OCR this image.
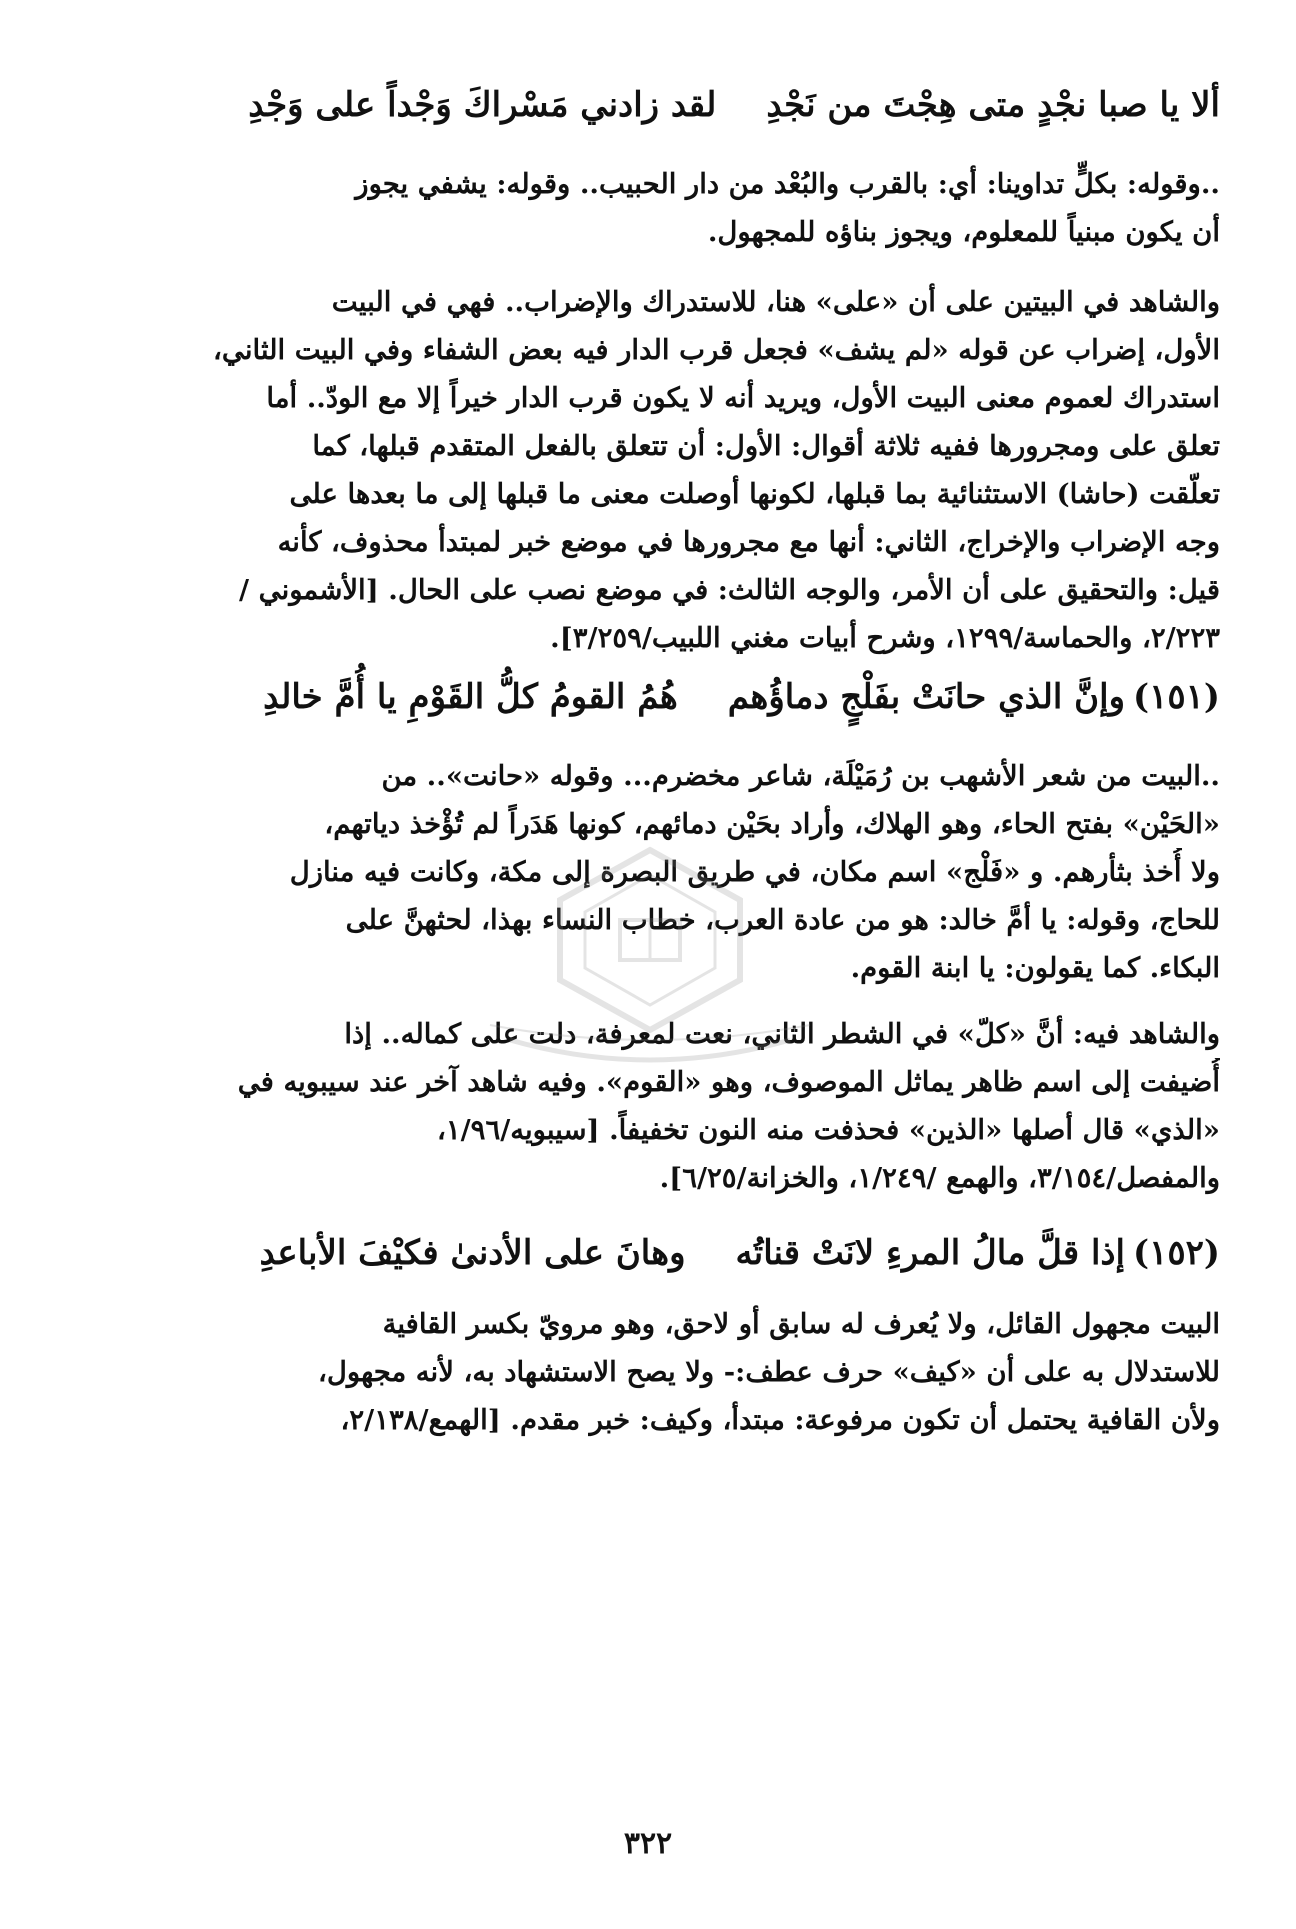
ألا يا صبا نجْدٍ متى هِجْتَ من نَجْدِلقد زادني مَسْراكَ وَجْداً على وَجْدِ
..وقوله: بكلٍّ تداوينا: أي: بالقرب والبُعْد من دار الحبيب.. وقوله: يشفي يجوز
أن يكون مبنياً للمعلوم، ويجوز بناؤه للمجهول.
والشاهد في البيتين على أن «على» هنا، للاستدراك والإضراب.. فهي في البيت
الأول، إضراب عن قوله «لم يشف» فجعل قرب الدار فيه بعض الشفاء وفي البيت الثاني،
استدراك لعموم معنى البيت الأول، ويريد أنه لا يكون قرب الدار خيراً إلا مع الودّ.. أما
تعلق على ومجرورها ففيه ثلاثة أقوال: الأول: أن تتعلق بالفعل المتقدم قبلها، كما
تعلّقت (حاشا) الاستثنائية بما قبلها، لكونها أوصلت معنى ما قبلها إلى ما بعدها على
وجه الإضراب والإخراج، الثاني: أنها مع مجرورها في موضع خبر لمبتدأ محذوف، كأنه
قيل: والتحقيق على أن الأمر، والوجه الثالث: في موضع نصب على الحال. [الأشموني /
٢/٢٢٣، والحماسة/١٢٩٩، وشرح أبيات مغني اللبيب/٣/٢٥٩].
(١٥١)وإنَّ الذي حانَتْ بفَلْجٍ دماؤُهمهُمُ القومُ كلُّ القَوْمِ يا أُمَّ خالدِ
..البيت من شعر الأشهب بن رُمَيْلَة، شاعر مخضرم... وقوله «حانت».. من
«الحَيْن» بفتح الحاء، وهو الهلاك، وأراد بحَيْن دمائهم، كونها هَدَراً لم تُؤْخذ دياتهم،
ولا أُخذ بثأرهم. و «فَلْج» اسم مكان، في طريق البصرة إلى مكة، وكانت فيه منازل
للحاج، وقوله: يا أمَّ خالد: هو من عادة العرب، خطاب النساء بهذا، لحثهنَّ على
البكاء. كما يقولون: يا ابنة القوم.
والشاهد فيه: أنَّ «كلّ» في الشطر الثاني، نعت لمعرفة، دلت على كماله.. إذا
أُضيفت إلى اسم ظاهر يماثل الموصوف، وهو «القوم». وفيه شاهد آخر عند سيبويه في
«الذي» قال أصلها «الذين» فحذفت منه النون تخفيفاً. [سيبويه/١/٩٦،
والمفصل/٣/١٥٤، والهمع /١/٢٤٩، والخزانة/٦/٢٥].
(١٥٢)إذا قلَّ مالُ المرءِ لانَتْ قناتُهوهانَ على الأدنىٰ فكيْفَ الأباعدِ
البيت مجهول القائل، ولا يُعرف له سابق أو لاحق، وهو مرويّ بكسر القافية
للاستدلال به على أن «كيف» حرف عطف:- ولا يصح الاستشهاد به، لأنه مجهول،
ولأن القافية يحتمل أن تكون مرفوعة: مبتدأ، وكيف: خبر مقدم. [الهمع/٢/١٣٨،
٣٢٢
